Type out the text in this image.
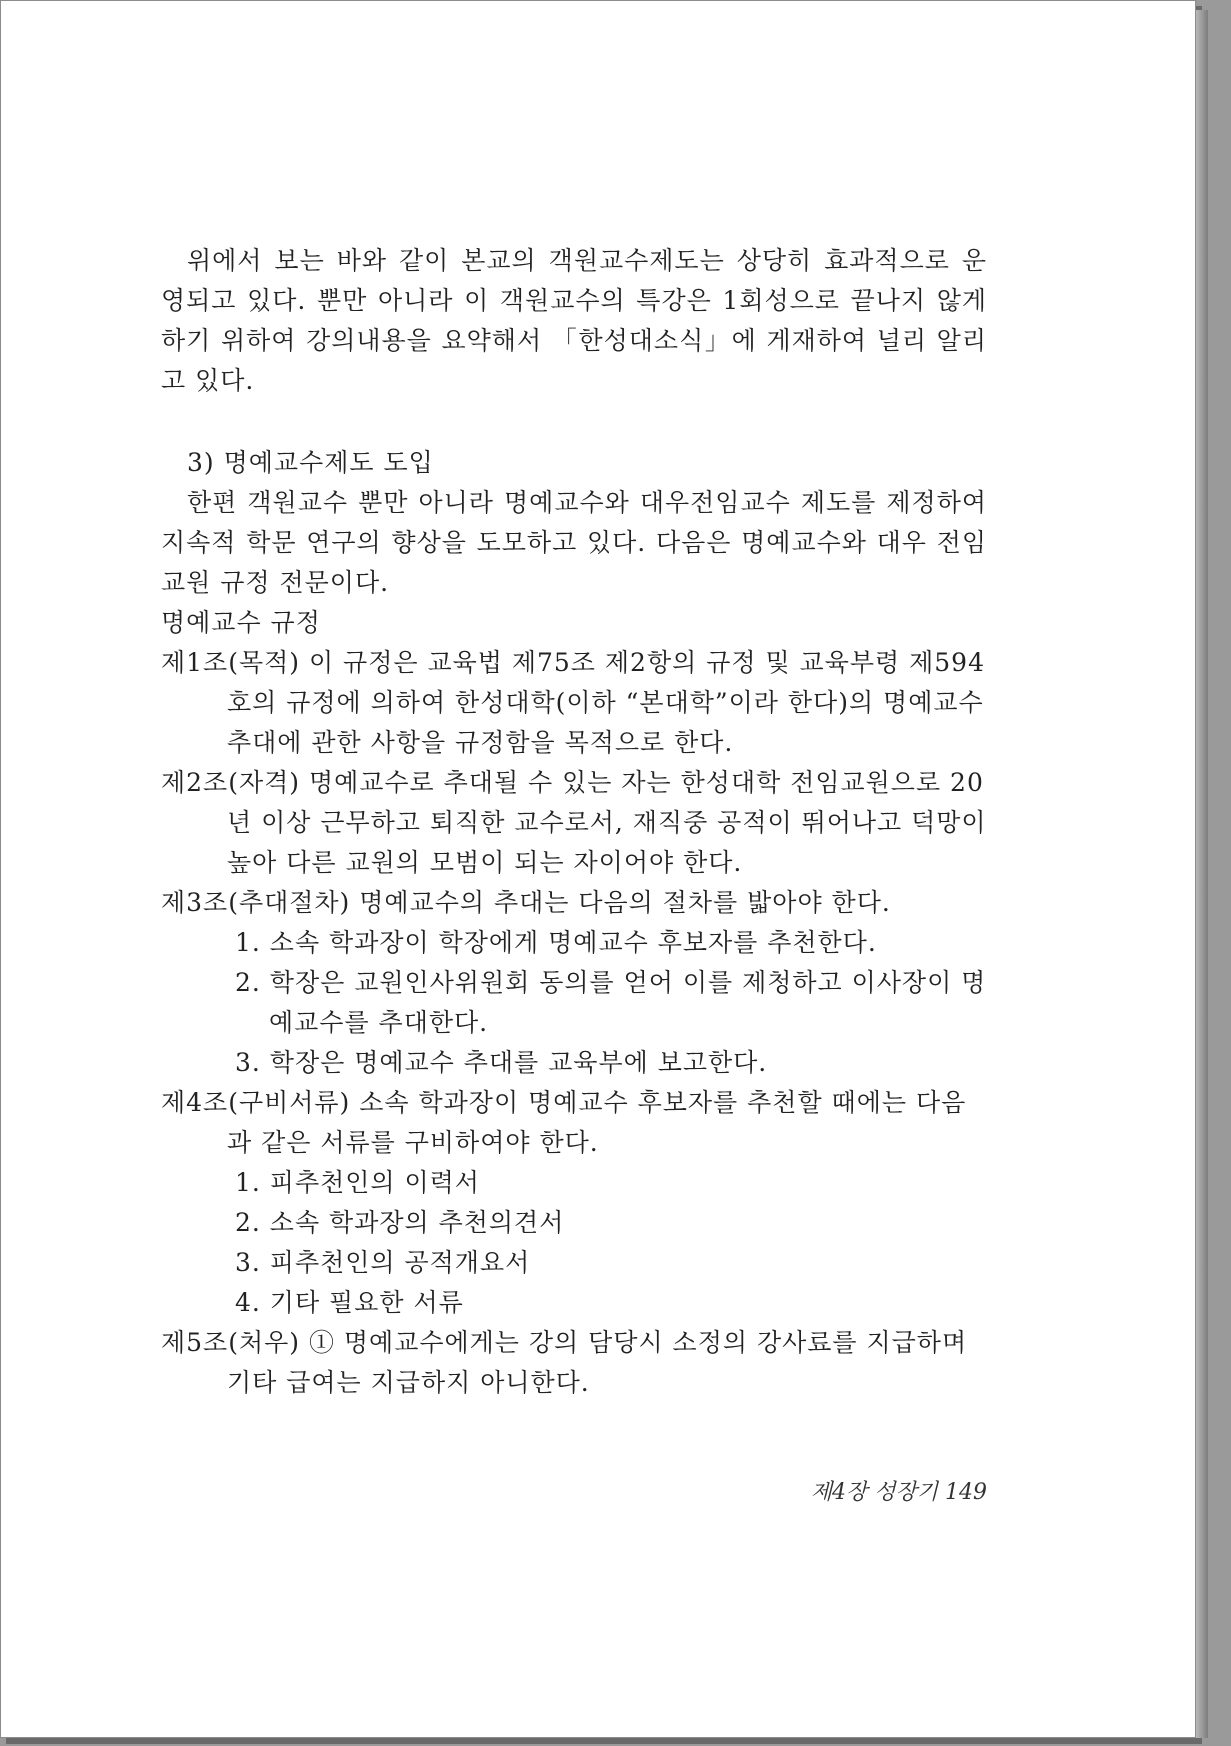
위에서 보는 바와 같이 본교의 객원교수제도는 상당히 효과적으로 운영되고 있다. 뿐만 아니라 이 객원교수의 특강은 1회성으로 끝나지 않게 하기 위하여 강의내용을 요약해서 「한성대소식」에 게재하여 널리 알리고 있다.

3) 명예교수제도 도입

한편 객원교수 뿐만 아니라 명예교수와 대우전임교수 제도를 제정하여 지속적 학문 연구의 향상을 도모하고 있다. 다음은 명예교수와 대우 전임교원 규정 전문이다.

명예교수 규정

제1조(목적) 이 규정은 교육법 제75조 제2항의 규정 및 교육부령 제594호의 규정에 의하여 한성대학(이하 “본대학”이라 한다)의 명예교수 추대에 관한 사항을 규정함을 목적으로 한다.

제2조(자격) 명예교수로 추대될 수 있는 자는 한성대학 전임교원으로 20년 이상 근무하고 퇴직한 교수로서, 재직중 공적이 뛰어나고 덕망이 높아 다른 교원의 모범이 되는 자이어야 한다.

제3조(추대절차) 명예교수의 추대는 다음의 절차를 밟아야 한다.

1. 소속 학과장이 학장에게 명예교수 후보자를 추천한다.

2. 학장은 교원인사위원회 동의를 얻어 이를 제청하고 이사장이 명예교수를 추대한다.

3. 학장은 명예교수 추대를 교육부에 보고한다.

제4조(구비서류) 소속 학과장이 명예교수 후보자를 추천할 때에는 다음과 같은 서류를 구비하여야 한다.

1. 피추천인의 이력서

2. 소속 학과장의 추천의견서

3. 피추천인의 공적개요서

4. 기타 필요한 서류

제5조(처우) ① 명예교수에게는 강의 담당시 소정의 강사료를 지급하며 기타 급여는 지급하지 아니한다.

제4장 성장기 149
